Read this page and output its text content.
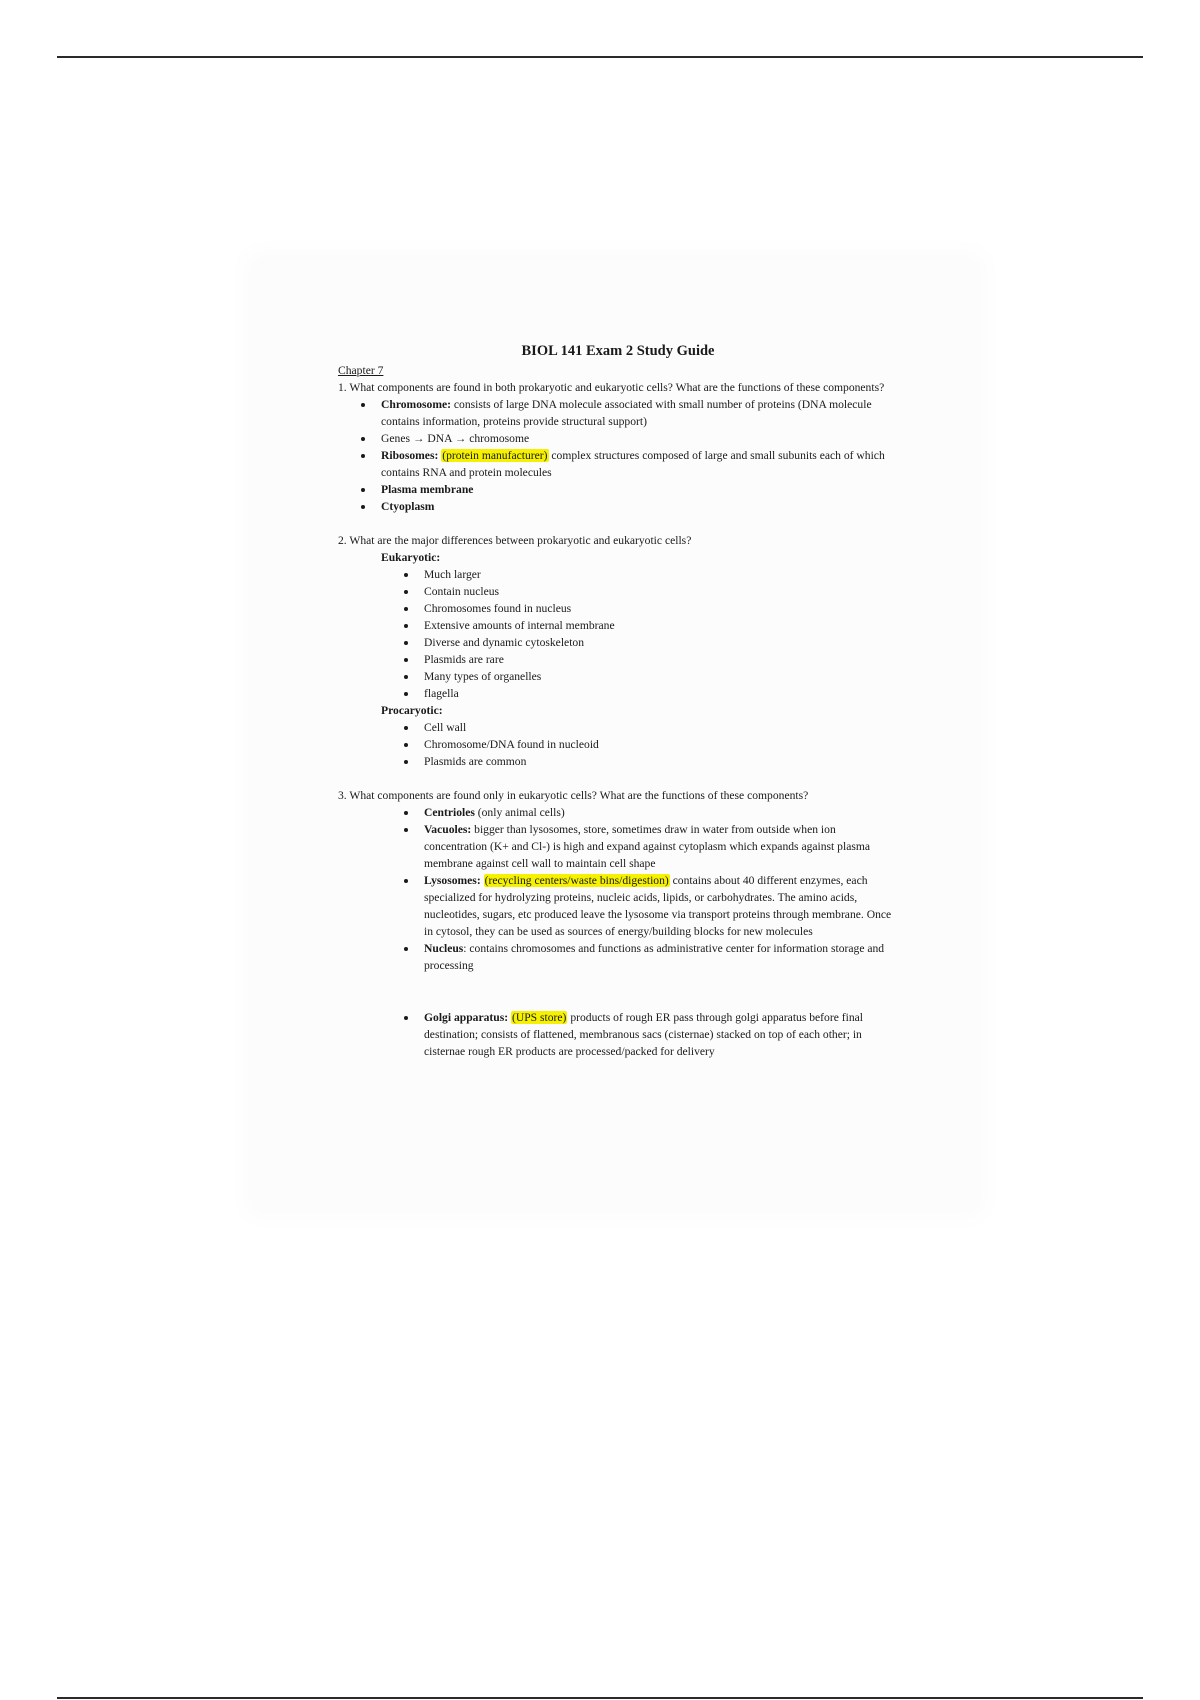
BIOL 141 Exam 2 Study Guide

Chapter 7

1. What components are found in both prokaryotic and eukaryotic cells? What are the functions of these components?

Chromosome: consists of large DNA molecule associated with small number of proteins (DNA molecule contains information, proteins provide structural support)
Genes → DNA → chromosome
Ribosomes: (protein manufacturer) complex structures composed of large and small subunits each of which contains RNA and protein molecules
Plasma membrane
Ctyoplasm

2. What are the major differences between prokaryotic and eukaryotic cells?

Eukaryotic:

Much larger
Contain nucleus
Chromosomes found in nucleus
Extensive amounts of internal membrane
Diverse and dynamic cytoskeleton
Plasmids are rare
Many types of organelles
flagella

Procaryotic:

Cell wall
Chromosome/DNA found in nucleoid
Plasmids are common

3. What components are found only in eukaryotic cells? What are the functions of these components?

Centrioles (only animal cells)
Vacuoles: bigger than lysosomes, store, sometimes draw in water from outside when ion concentration (K+ and Cl-) is high and expand against cytoplasm which expands against plasma membrane against cell wall to maintain cell shape
Lysosomes: (recycling centers/waste bins/digestion) contains about 40 different enzymes, each specialized for hydrolyzing proteins, nucleic acids, lipids, or carbohydrates. The amino acids, nucleotides, sugars, etc produced leave the lysosome via transport proteins through membrane. Once in cytosol, they can be used as sources of energy/building blocks for new molecules
Nucleus: contains chromosomes and functions as administrative center for information storage and processing
Golgi apparatus: (UPS store) products of rough ER pass through golgi apparatus before final destination; consists of flattened, membranous sacs (cisternae) stacked on top of each other; in cisternae rough ER products are processed/packed for delivery
